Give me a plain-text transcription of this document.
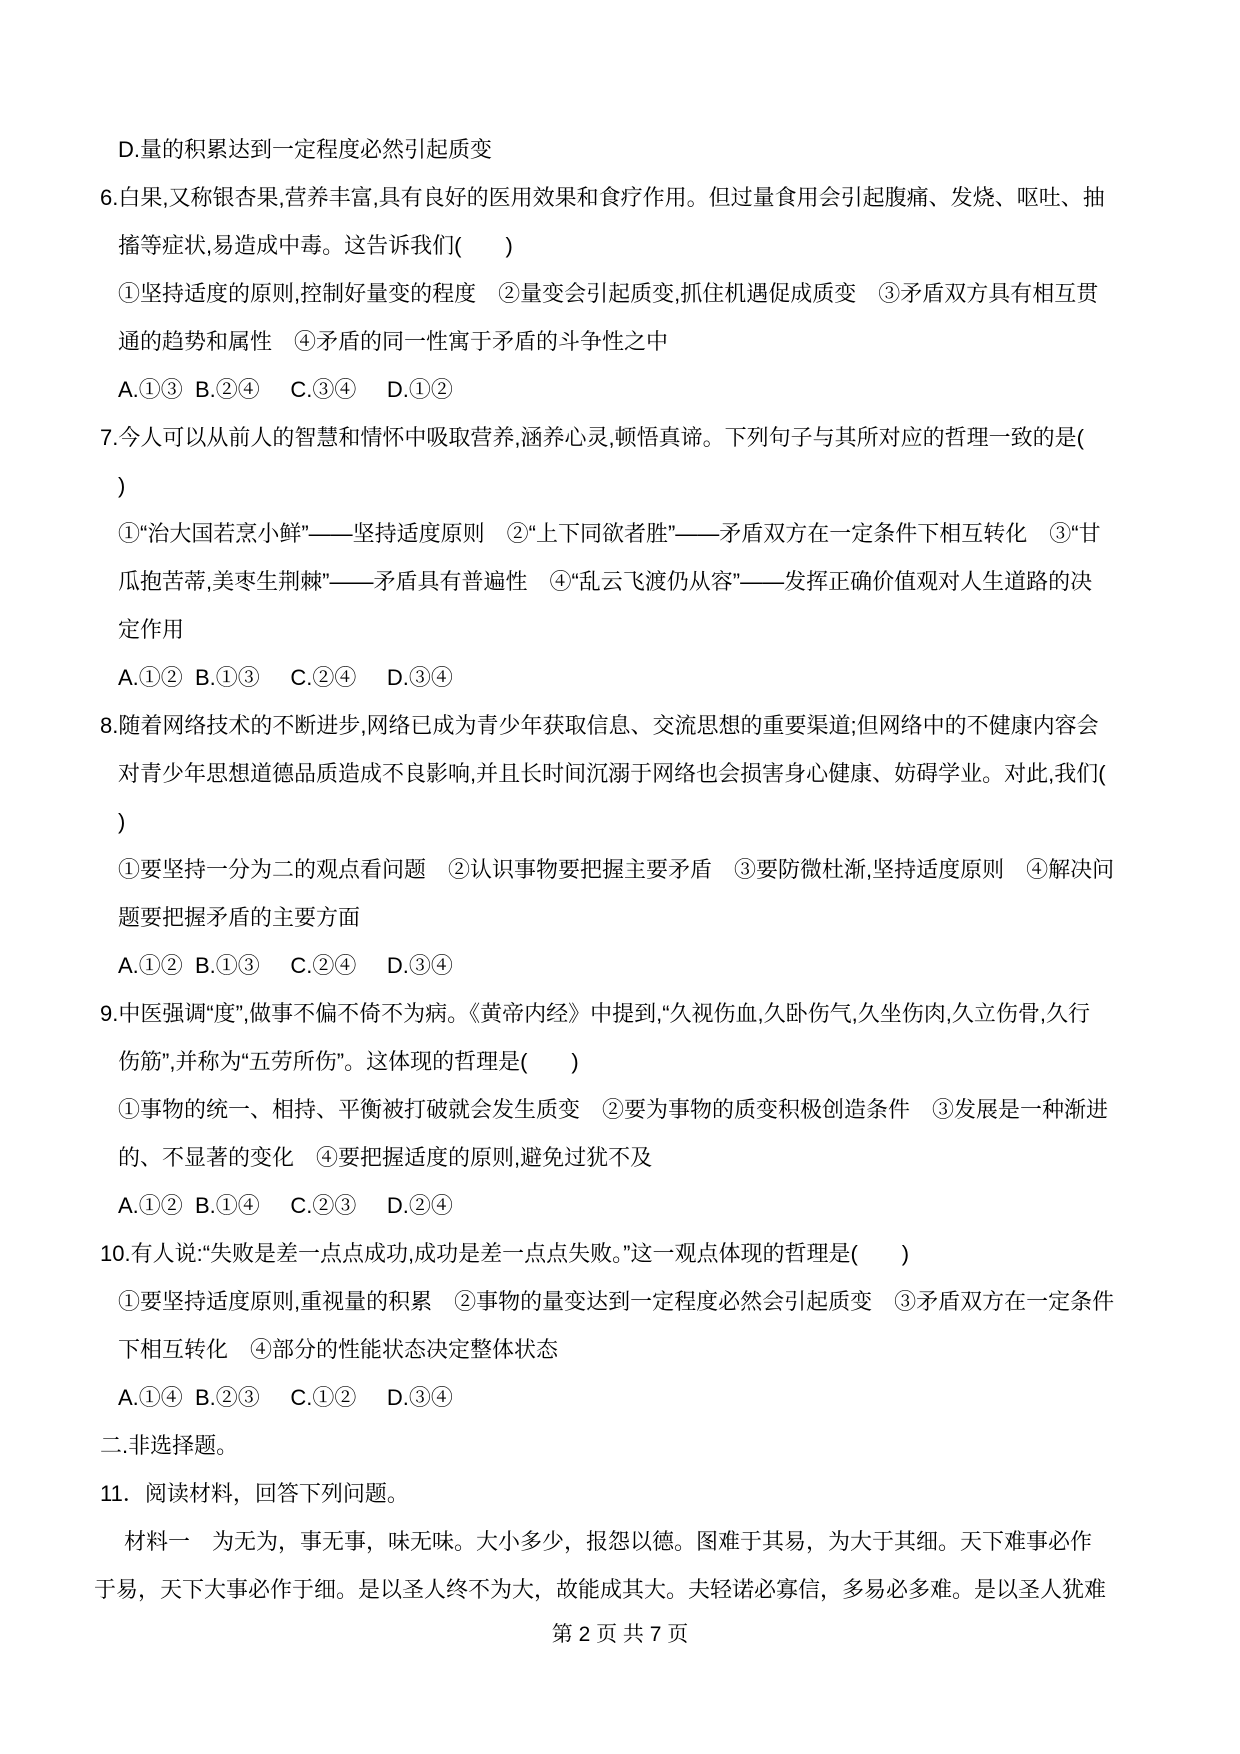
D.量的积累达到一定程度必然引起质变
6.白果,又称银杏果,营养丰富,具有良好的医用效果和食疗作用。但过量食用会引起腹痛、发烧、呕吐、抽
搐等症状,易造成中毒。这告诉我们(　　)
①坚持适度的原则,控制好量变的程度　②量变会引起质变,抓住机遇促成质变　③矛盾双方具有相互贯
通的趋势和属性　④矛盾的同一性寓于矛盾的斗争性之中
A.①③  B.②④     C.③④     D.①②
7.今人可以从前人的智慧和情怀中吸取营养,涵养心灵,顿悟真谛。下列句子与其所对应的哲理一致的是(
)
①“治大国若烹小鲜”——坚持适度原则　②“上下同欲者胜”——矛盾双方在一定条件下相互转化　③“甘
瓜抱苦蒂,美枣生荆棘”——矛盾具有普遍性　④“乱云飞渡仍从容”——发挥正确价值观对人生道路的决
定作用
A.①②  B.①③     C.②④     D.③④
8.随着网络技术的不断进步,网络已成为青少年获取信息、交流思想的重要渠道;但网络中的不健康内容会
对青少年思想道德品质造成不良影响,并且长时间沉溺于网络也会损害身心健康、妨碍学业。对此,我们(
)
①要坚持一分为二的观点看问题　②认识事物要把握主要矛盾　③要防微杜渐,坚持适度原则　④解决问
题要把握矛盾的主要方面
A.①②  B.①③     C.②④     D.③④
9.中医强调“度”,做事不偏不倚不为病。《黄帝内经》中提到,“久视伤血,久卧伤气,久坐伤肉,久立伤骨,久行
伤筋”,并称为“五劳所伤”。这体现的哲理是(　　)
①事物的统一、相持、平衡被打破就会发生质变　②要为事物的质变积极创造条件　③发展是一种渐进
的、不显著的变化　④要把握适度的原则,避免过犹不及
A.①②  B.①④     C.②③     D.②④
10.有人说:“失败是差一点点成功,成功是差一点点失败。”这一观点体现的哲理是(　　)
①要坚持适度原则,重视量的积累　②事物的量变达到一定程度必然会引起质变　③矛盾双方在一定条件
下相互转化　④部分的性能状态决定整体状态
A.①④  B.②③     C.①②     D.③④
二.非选择题。
11．阅读材料，回答下列问题。
材料一　为无为，事无事，味无味。大小多少，报怨以德。图难于其易，为大于其细。天下难事必作
于易，天下大事必作于细。是以圣人终不为大，故能成其大。夫轻诺必寡信，多易必多难。是以圣人犹难
第 2 页 共 7 页
